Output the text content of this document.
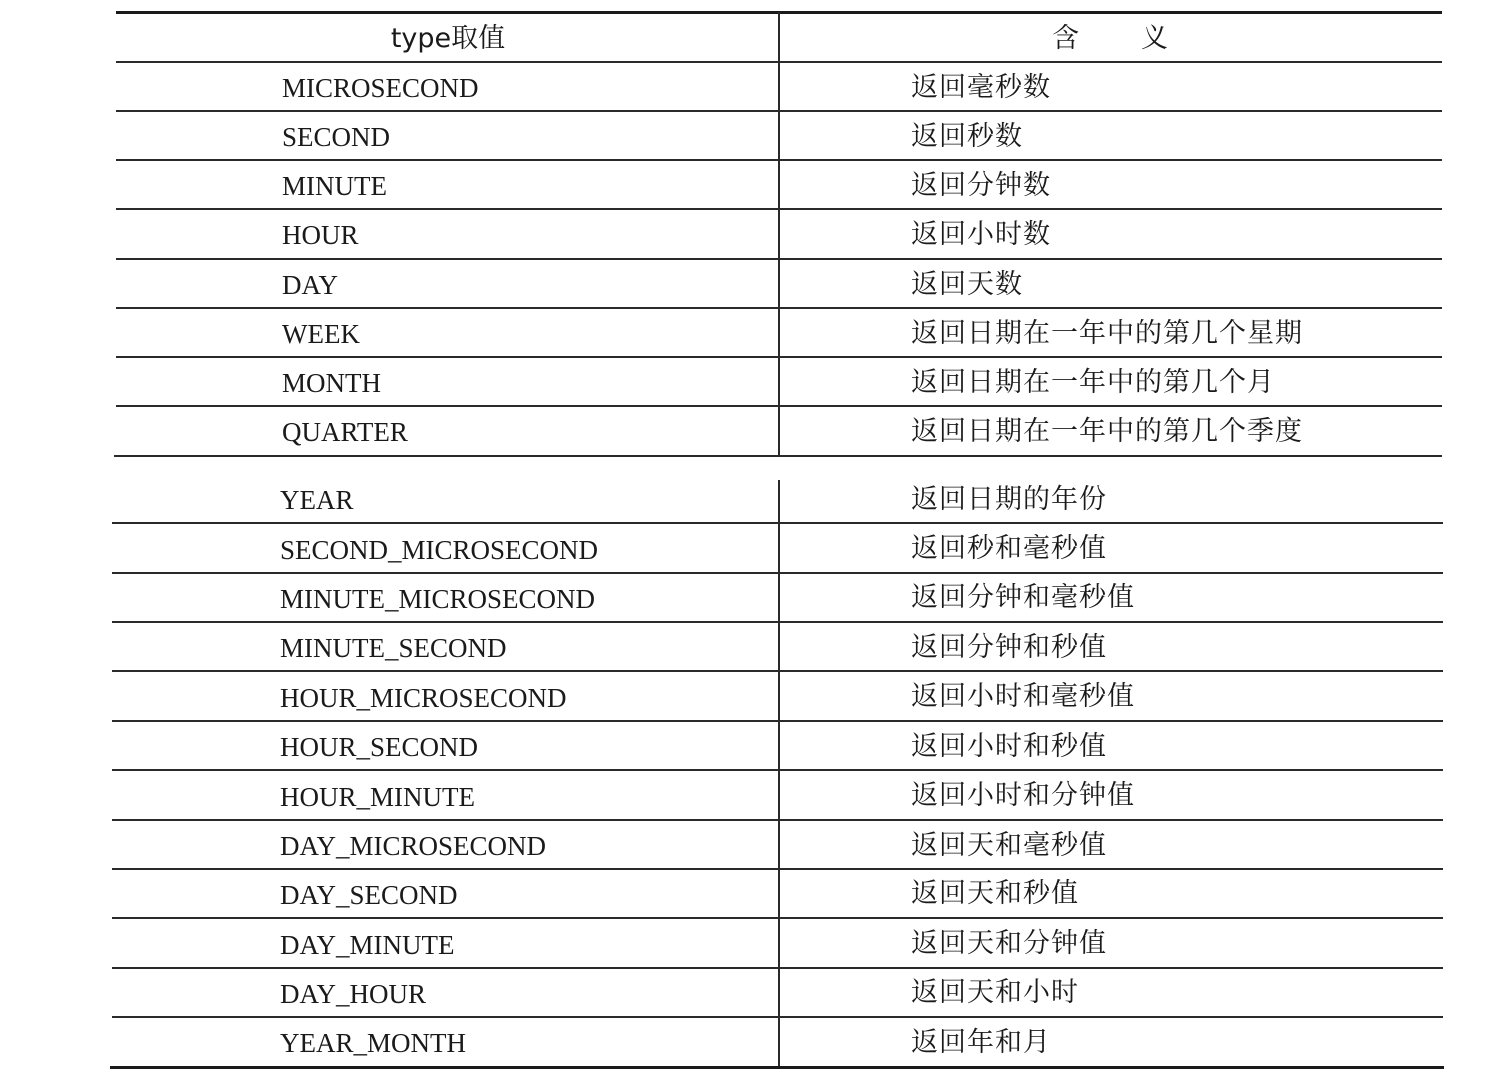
type取值	含义
MICROSECOND	返回毫秒数
SECOND	返回秒数
MINUTE	返回分钟数
HOUR	返回小时数
DAY	返回天数
WEEK	返回日期在一年中的第几个星期
MONTH	返回日期在一年中的第几个月
QUARTER	返回日期在一年中的第几个季度
YEAR	返回日期的年份
SECOND_MICROSECOND	返回秒和毫秒值
MINUTE_MICROSECOND	返回分钟和毫秒值
MINUTE_SECOND	返回分钟和秒值
HOUR_MICROSECOND	返回小时和毫秒值
HOUR_SECOND	返回小时和秒值
HOUR_MINUTE	返回小时和分钟值
DAY_MICROSECOND	返回天和毫秒值
DAY_SECOND	返回天和秒值
DAY_MINUTE	返回天和分钟值
DAY_HOUR	返回天和小时
YEAR_MONTH	返回年和月
